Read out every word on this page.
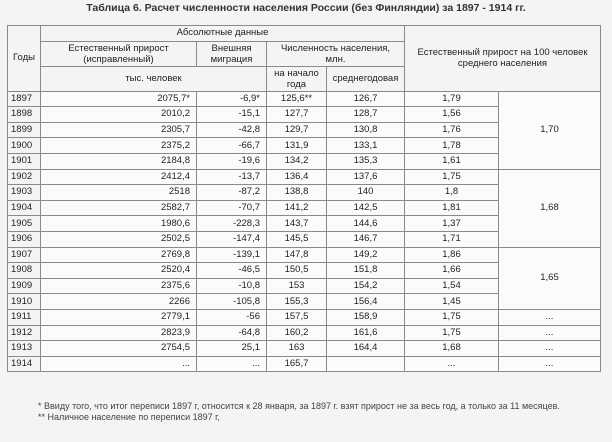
Таблица 6. Расчет численности населения России (без Финляндии) за 1897 - 1914 гг.
Годы	Абсолютные данные				Естественный прирост на 100 человек среднего населения	
	Естественный прирост (исправленный)	Внешняя миграция	Численность населения, млн.			
	тыс. человек		на начало года	среднегодовая		
1897	2075,7*	-6,9*	125,6**	126,7	1,79	1,70
1898	2010,2	-15,1	127,7	128,7	1,56	
1899	2305,7	-42,8	129,7	130,8	1,76	
1900	2375,2	-66,7	131,9	133,1	1,78	
1901	2184,8	-19,6	134,2	135,3	1,61	
1902	2412,4	-13,7	136,4	137,6	1,75	1,68
1903	2518	-87,2	138,8	140	1,8	
1904	2582,7	-70,7	141,2	142,5	1,81	
1905	1980,6	-228,3	143,7	144,6	1,37	
1906	2502,5	-147,4	145,5	146,7	1,71	
1907	2769,8	-139,1	147,8	149,2	1,86	1,65
1908	2520,4	-46,5	150,5	151,8	1,66	
1909	2375,6	-10,8	153	154,2	1,54	
1910	2266	-105,8	155,3	156,4	1,45	
1911	2779,1	-56	157,5	158,9	1,75	...
1912	2823,9	-64,8	160,2	161,6	1,75	...
1913	2754,5	25,1	163	164,4	1,68	...
1914	...	...	165,7		...	...
* Ввиду того, что итог переписи 1897 г, относится к 28 января, за 1897 г. взят прирост не за весь год, а только за 11 месяцев.
** Наличное население по переписи 1897 г,
